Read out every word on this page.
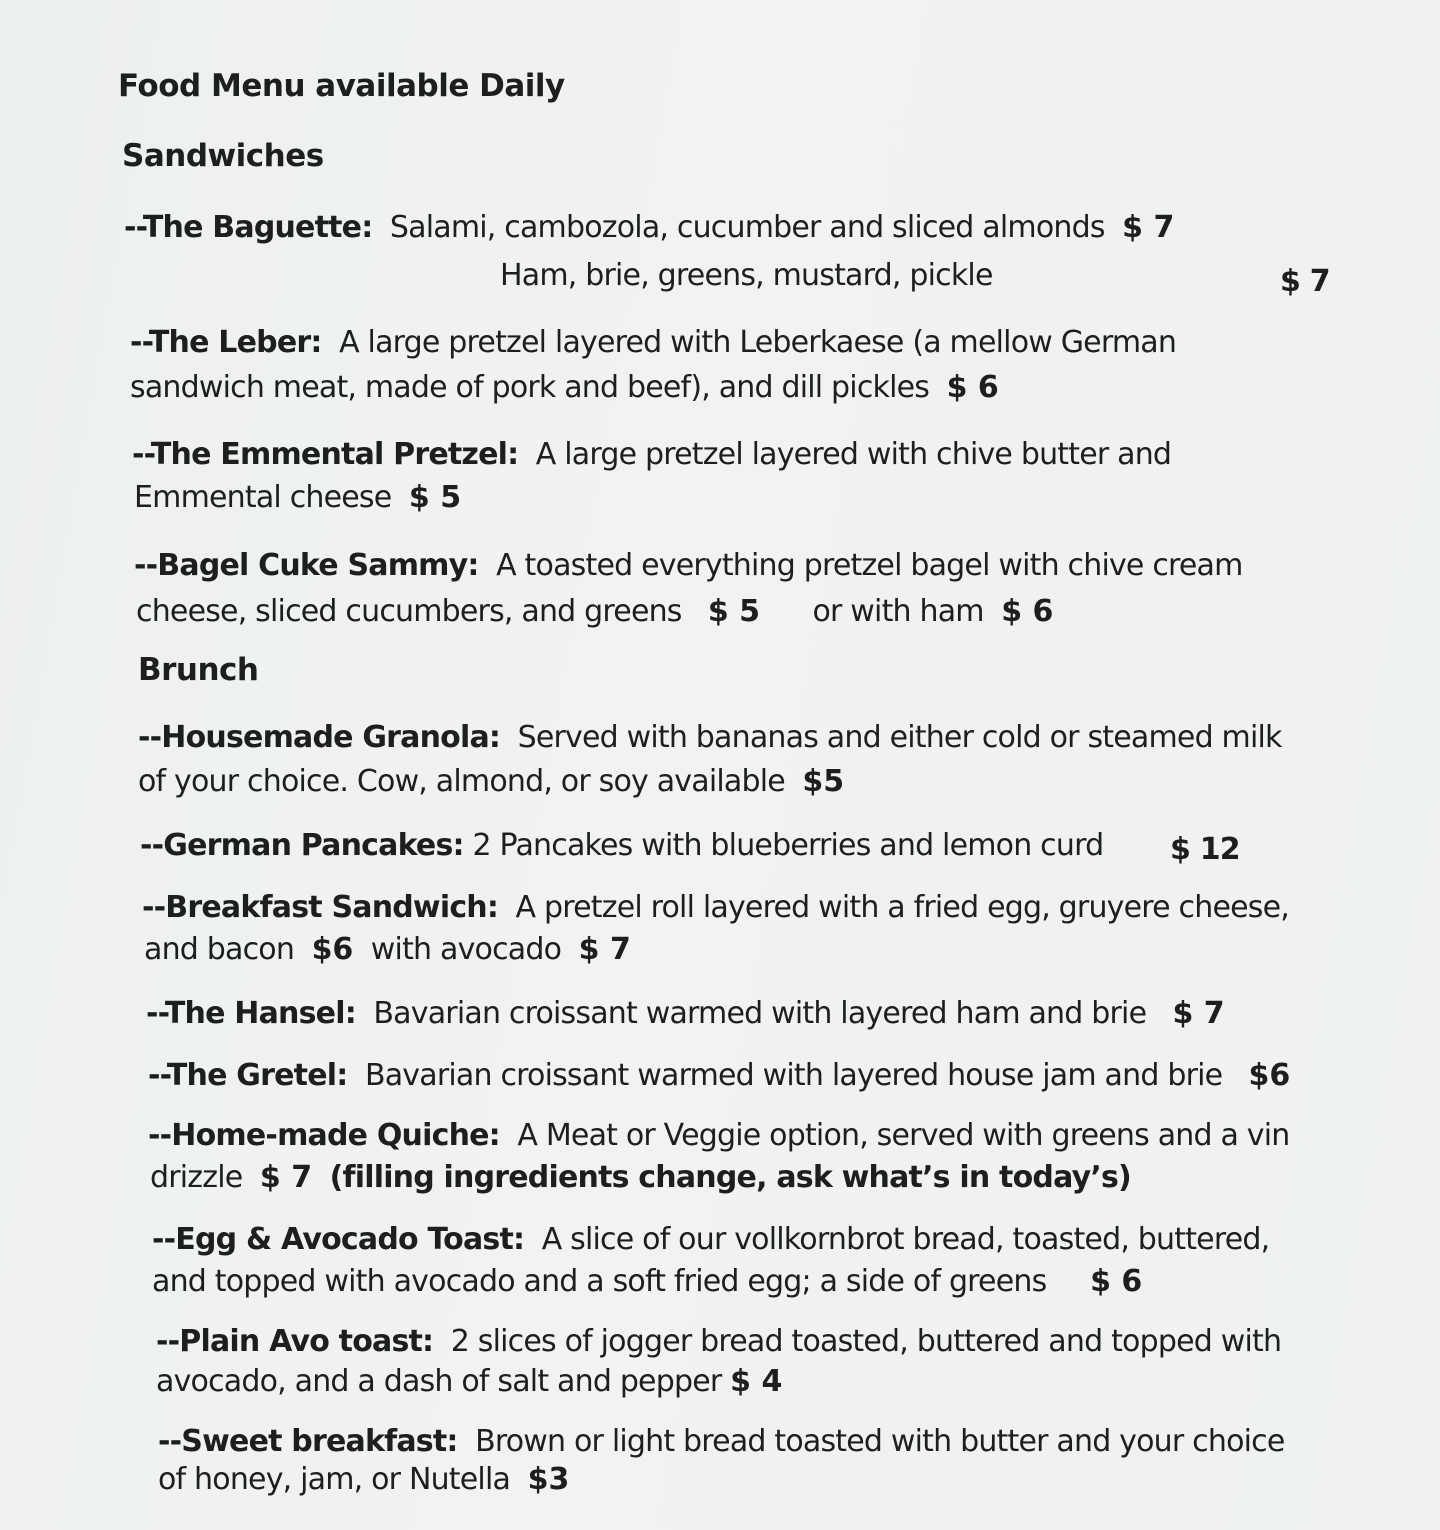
Food Menu available Daily
Sandwiches
--The Baguette: Salami, cambozola, cucumber and sliced almonds $ 7
Ham, brie, greens, mustard, pickle	$ 7
--The Leber: A large pretzel layered with Leberkaese (a mellow German
sandwich meat, made of pork and beef), and dill pickles $ 6
--The Emmental Pretzel: A large pretzel layered with chive butter and
Emmental cheese $ 5
--Bagel Cuke Sammy: A toasted everything pretzel bagel with chive cream
cheese, sliced cucumbers, and greens $ 5 or with ham $ 6
Brunch
--Housemade Granola: Served with bananas and either cold or steamed milk
of your choice. Cow, almond, or soy available $5
--German Pancakes: 2 Pancakes with blueberries and lemon curd $ 12
--Breakfast Sandwich: A pretzel roll layered with a fried egg, gruyere cheese,
and bacon $6 with avocado $ 7
--The Hansel: Bavarian croissant warmed with layered ham and brie $ 7
--The Gretel: Bavarian croissant warmed with layered house jam and brie $6
--Home-made Quiche: A Meat or Veggie option, served with greens and a vin
drizzle $ 7 (filling ingredients change, ask what’s in today’s)
--Egg & Avocado Toast: A slice of our vollkornbrot bread, toasted, buttered,
and topped with avocado and a soft fried egg; a side of greens $ 6
--Plain Avo toast: 2 slices of jogger bread toasted, buttered and topped with
avocado, and a dash of salt and pepper $ 4
--Sweet breakfast: Brown or light bread toasted with butter and your choice
of honey, jam, or Nutella $3
